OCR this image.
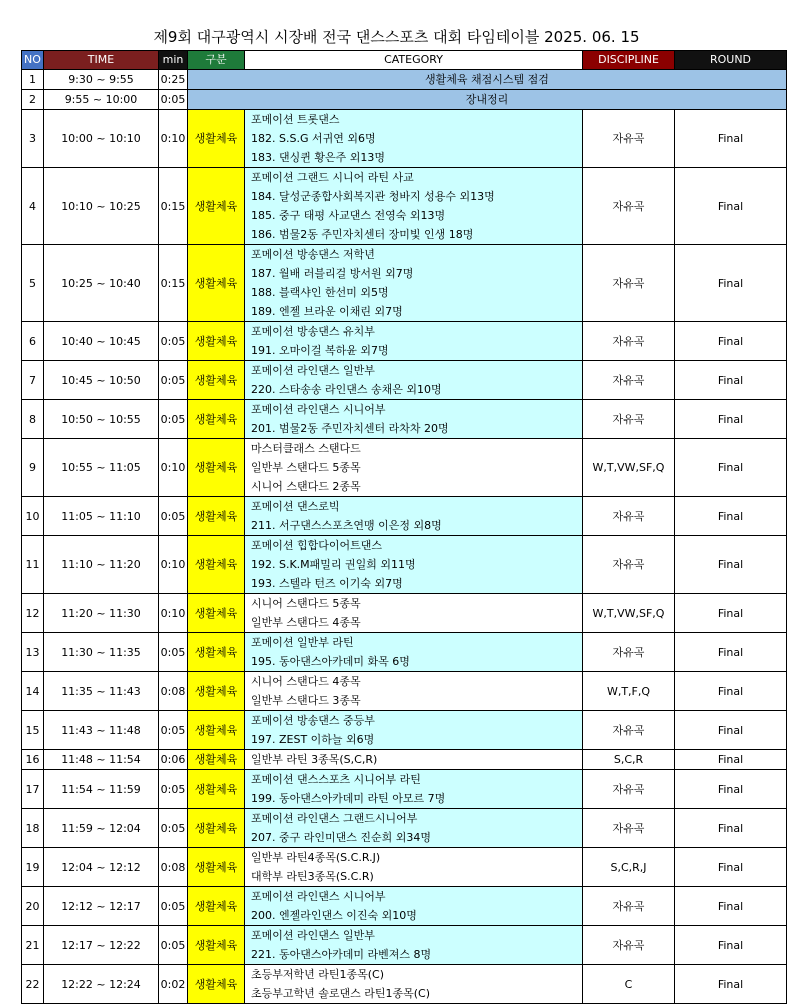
제9회 대구광역시 시장배 전국 댄스스포츠 대회 타임테이블 2025. 06. 15
NO	TIME	min	구분	CATEGORY	DISCIPLINE	ROUND
1	9:30 ~ 9:55	0:25	생활체육 채점시스템 점검			
2	9:55 ~ 10:00	0:05	장내정리			
3	10:00 ~ 10:10	0:10	생활체육	포메이션 트롯댄스
182. S.S.G 서귀연 외6명
183. 댄싱퀸 황은주 외13명	자유곡	Final
4	10:10 ~ 10:25	0:15	생활체육	포메이션 그랜드 시니어 라틴 사교
184. 달성군종합사회복지관 청바지 성용수 외13명
185. 중구 태평 사교댄스 전영숙 외13명
186. 범물2동 주민자치센터 장미빛 인생 18명	자유곡	Final
5	10:25 ~ 10:40	0:15	생활체육	포메이션 방송댄스 저학년
187. 월배 러블리걸 방서원 외7명
188. 블랙샤인 한선미 외5명
189. 엔젤 브라운 이채린 외7명	자유곡	Final
6	10:40 ~ 10:45	0:05	생활체육	포메이션 방송댄스 유치부
191. 오마이걸 복하윤 외7명	자유곡	Final
7	10:45 ~ 10:50	0:05	생활체육	포메이션 라인댄스 일반부
220. 스타송송 라인댄스 송채은 외10명	자유곡	Final
8	10:50 ~ 10:55	0:05	생활체육	포메이션 라인댄스 시니어부
201. 범물2동 주민자치센터 라차차 20명	자유곡	Final
9	10:55 ~ 11:05	0:10	생활체육	마스터클래스 스탠다드
일반부 스탠다드 5종목
시니어 스탠다드 2종목	W,T,VW,SF,Q	Final
10	11:05 ~ 11:10	0:05	생활체육	포메이션 댄스로빅
211. 서구댄스스포츠연맹 이은정 외8명	자유곡	Final
11	11:10 ~ 11:20	0:10	생활체육	포메이션 힙합다이어트댄스
192. S.K.M패밀리 권일희 외11명
193. 스텔라 턴즈 이기숙 외7명	자유곡	Final
12	11:20 ~ 11:30	0:10	생활체육	시니어 스탠다드 5종목
일반부 스탠다드 4종목	W,T,VW,SF,Q	Final
13	11:30 ~ 11:35	0:05	생활체육	포메이션 일반부 라틴
195. 동아댄스아카데미 화목 6명	자유곡	Final
14	11:35 ~ 11:43	0:08	생활체육	시니어 스탠다드 4종목
일반부 스탠다드 3종목	W,T,F,Q	Final
15	11:43 ~ 11:48	0:05	생활체육	포메이션 방송댄스 중등부
197. ZEST 이하늘 외6명	자유곡	Final
16	11:48 ~ 11:54	0:06	생활체육	일반부 라틴 3종목(S,C,R)	S,C,R	Final
17	11:54 ~ 11:59	0:05	생활체육	포메이션 댄스스포츠 시니어부 라틴
199. 동아댄스아카데미 라틴 아모르 7명	자유곡	Final
18	11:59 ~ 12:04	0:05	생활체육	포메이션 라인댄스 그랜드시니어부
207. 중구 라인미댄스 진순희 외34명	자유곡	Final
19	12:04 ~ 12:12	0:08	생활체육	일반부 라틴4종목(S.C.R.J)
대학부 라틴3종목(S.C.R)	S,C,R,J	Final
20	12:12 ~ 12:17	0:05	생활체육	포메이션 라인댄스 시니어부
200. 엔젤라인댄스 이진숙 외10명	자유곡	Final
21	12:17 ~ 12:22	0:05	생활체육	포메이션 라인댄스 일반부
221. 동아댄스아카데미 라벤져스 8명	자유곡	Final
22	12:22 ~ 12:24	0:02	생활체육	초등부저학년 라틴1종목(C)
초등부고학년 솔로댄스 라틴1종목(C)	C	Final
